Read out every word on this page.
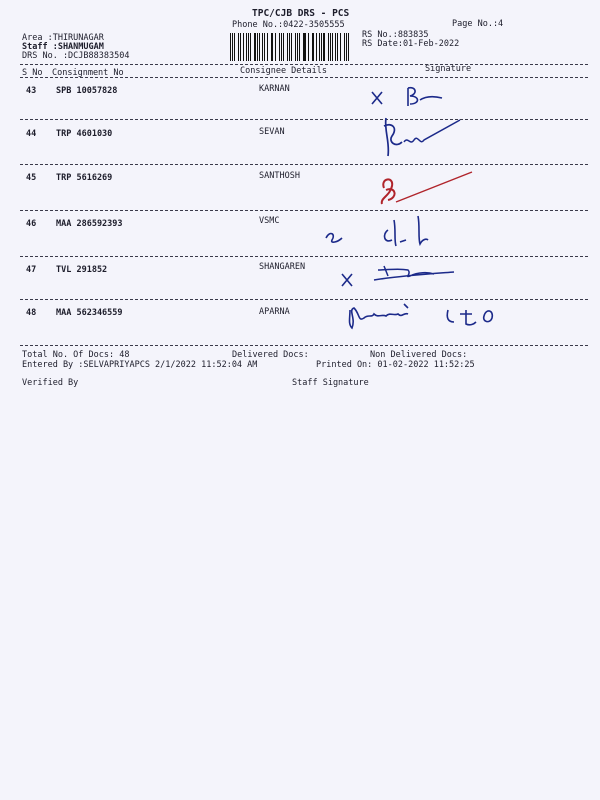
TPC/CJB DRS - PCS
Phone No.:0422-3505555	Page No.:4
Area :THIRUNAGAR
Staff :SHANMUGAM
DRS No. :DCJB88383504
RS No.:883835
RS Date:01-Feb-2022
S No Consignment No	Consignee Details	Signature
43 SPB 10057828	KARNAN
44 TRP 4601030	SEVAN
45 TRP 5616269	SANTHOSH
46 MAA 286592393	VSMC
47 TVL 291852	SHANGAREN
48 MAA 562346559	APARNA
Total No. Of Docs: 48	Delivered Docs:	Non Delivered Docs:
Entered By :SELVAPRIYAPCS 2/1/2022 11:52:04 AM	Printed On: 01-02-2022 11:52:25
Verified By	Staff Signature
